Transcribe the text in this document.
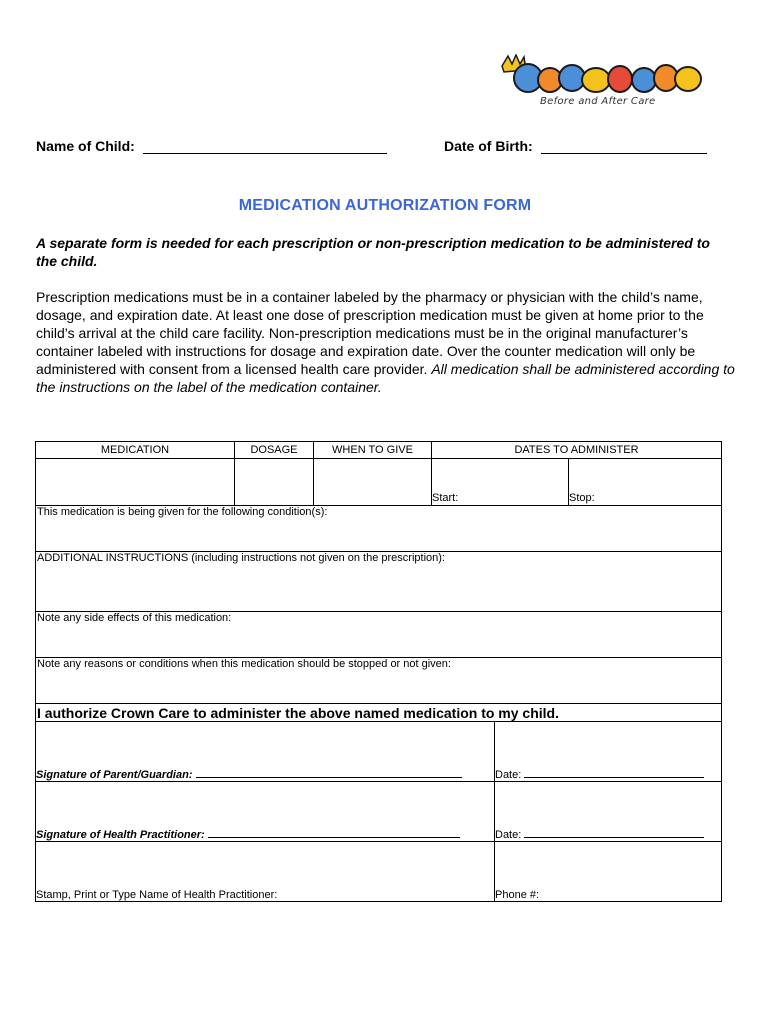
Before and After Care
Name of Child:	Date of Birth:
MEDICATION AUTHORIZATION FORM
A separate form is needed for each prescription or non-prescription medication to be administered to the child.
Prescription medications must be in a container labeled by the pharmacy or physician with the child’s name, dosage, and expiration date. At least one dose of prescription medication must be given at home prior to the child’s arrival at the child care facility. Non-prescription medications must be in the original manufacturer’s container labeled with instructions for dosage and expiration date. Over the counter medication will only be administered with consent from a licensed health care provider. All medication shall be administered according to the instructions on the label of the medication container.
MEDICATION	DOSAGE	WHEN TO GIVE	DATES TO ADMINISTER	

			Start:	Stop:

This medication is being given for the following condition(s):				
ADDITIONAL INSTRUCTIONS (including instructions not given on the prescription):				
Note any side effects of this medication:				
Note any reasons or conditions when this medication should be stopped or not given:				
I authorize Crown Care to administer the above named medication to my child.	
Signature of Parent/Guardian:	Date:
Signature of Health Practitioner:	Date:
Stamp, Print or Type Name of Health Practitioner:	Phone #:
